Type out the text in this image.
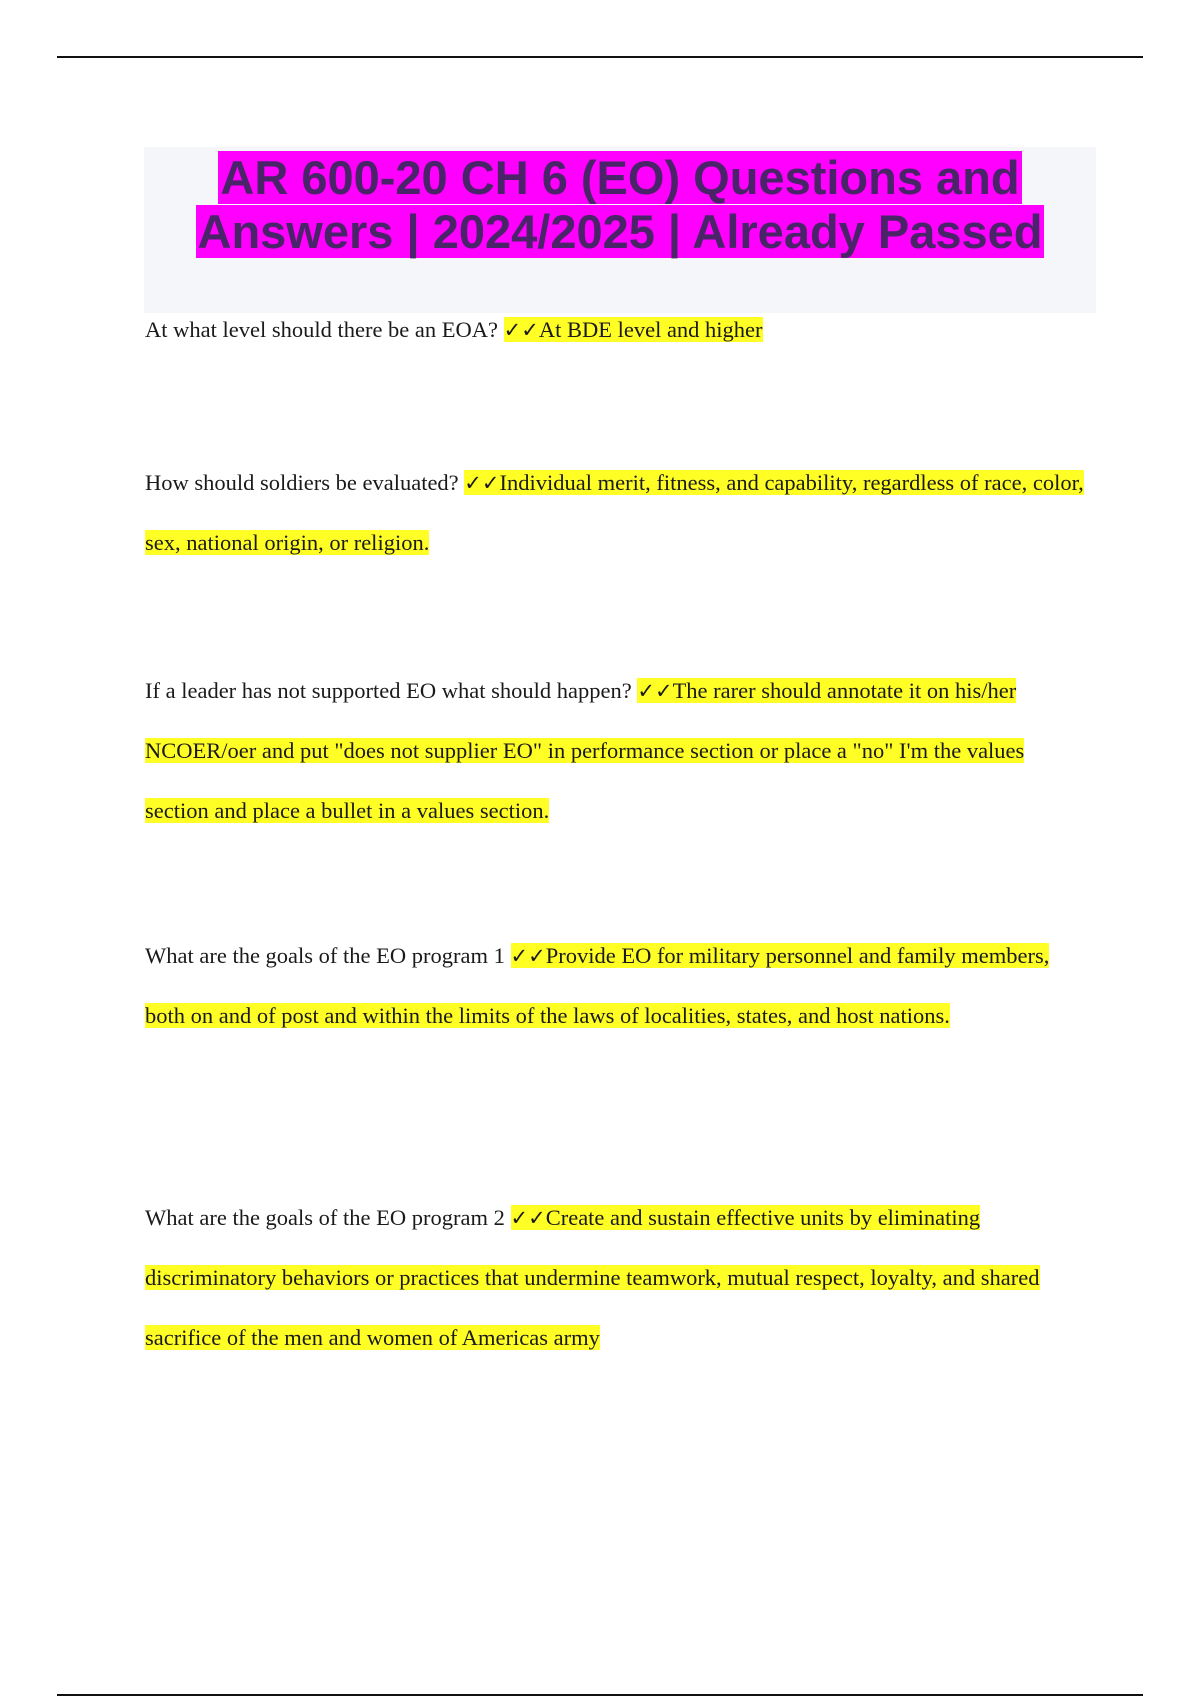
AR 600-20 CH 6 (EO) Questions and Answers | 2024/2025 | Already Passed

At what level should there be an EOA? ✓✓At BDE level and higher

How should soldiers be evaluated? ✓✓Individual merit, fitness, and capability, regardless of race, color, sex, national origin, or religion.

If a leader has not supported EO what should happen? ✓✓The rarer should annotate it on his/her NCOER/oer and put "does not supplier EO" in performance section or place a "no" I'm the values section and place a bullet in a values section.

What are the goals of the EO program 1 ✓✓Provide EO for military personnel and family members, both on and of post and within the limits of the laws of localities, states, and host nations.

What are the goals of the EO program 2 ✓✓Create and sustain effective units by eliminating discriminatory behaviors or practices that undermine teamwork, mutual respect, loyalty, and shared sacrifice of the men and women of Americas army
